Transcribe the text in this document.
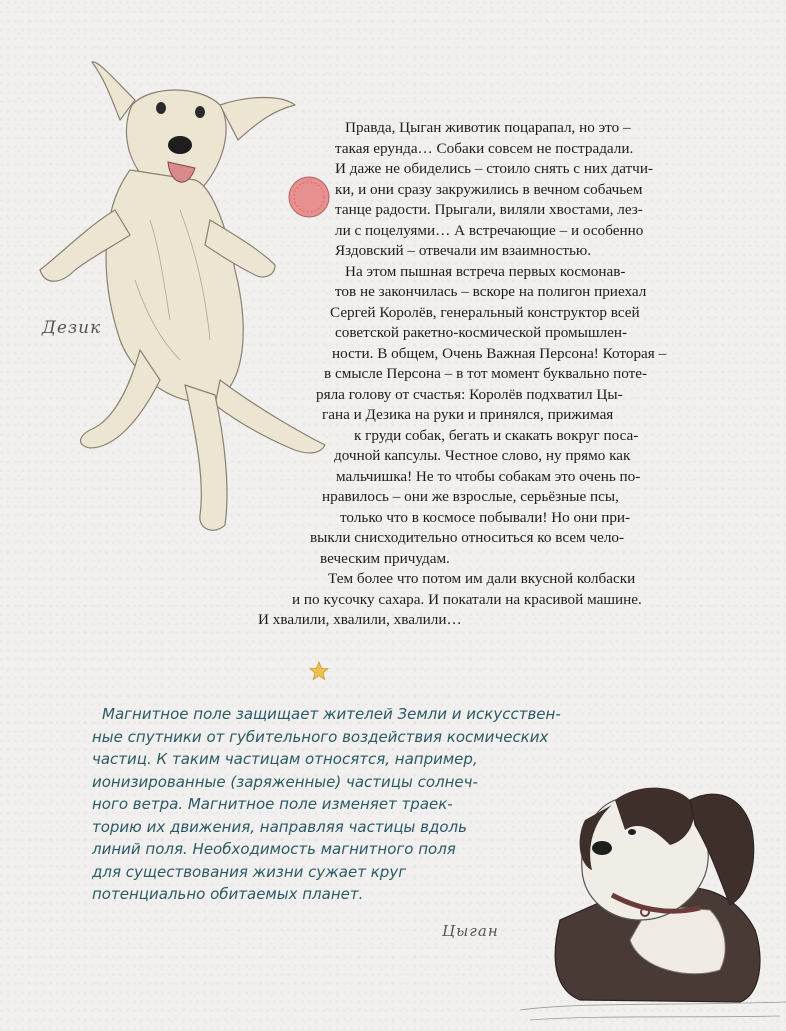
Дезик
Правда, Цыган животик поцарапал, но это –
такая ерунда… Собаки совсем не пострадали.
И даже не обиделись – стоило снять с них датчи-
ки, и они сразу закружились в вечном собачьем
танце радости. Прыгали, виляли хвостами, лез-
ли с поцелуями… А встречающие – и особенно
Яздовский – отвечали им взаимностью.
На этом пышная встреча первых космонав-
тов не закончилась – вскоре на полигон приехал
Сергей Королёв, генеральный конструктор всей
советской ракетно-космической промышлен-
ности. В общем, Очень Важная Персона! Которая –
в смысле Персона – в тот момент буквально поте-
ряла голову от счастья: Королёв подхватил Цы-
гана и Дезика на руки и принялся, прижимая
к груди собак, бегать и скакать вокруг поса-
дочной капсулы. Честное слово, ну прямо как
мальчишка! Не то чтобы собакам это очень по-
нравилось – они же взрослые, серьёзные псы,
только что в космосе побывали! Но они при-
выкли снисходительно относиться ко всем чело-
веческим причудам.
Тем более что потом им дали вкусной колбаски
и по кусочку сахара. И покатали на красивой машине.
И хвалили, хвалили, хвалили…
Магнитное поле защищает жителей Земли и искусствен-
ные спутники от губительного воздействия космических
частиц. К таким частицам относятся, например,
ионизированные (заряженные) частицы солнеч-
ного ветра. Магнитное поле изменяет траек-
торию их движения, направляя частицы вдоль
линий поля. Необходимость магнитного поля
для существования жизни сужает круг
потенциально обитаемых планет.
Цыган
